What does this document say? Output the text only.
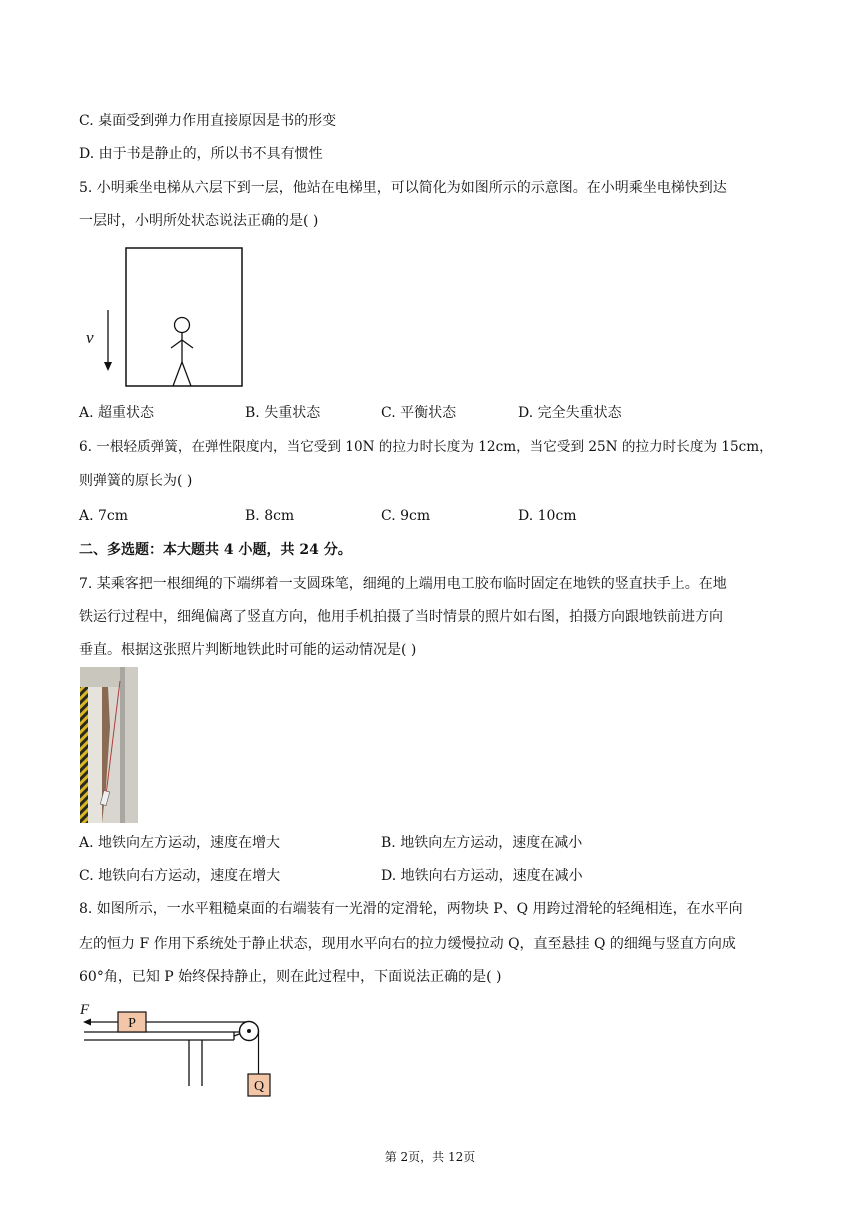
C. 桌面受到弹力作用直接原因是书的形变
D. 由于书是静止的，所以书不具有惯性
5. 小明乘坐电梯从六层下到一层，他站在电梯里，可以简化为如图所示的示意图。在小明乘坐电梯快到达
一层时，小明所处状态说法正确的是( )
v
A. 超重状态	B. 失重状态	C. 平衡状态	D. 完全失重状态
6. 一根轻质弹簧，在弹性限度内，当它受到 10N 的拉力时长度为 12cm，当它受到 25N 的拉力时长度为 15cm，
则弹簧的原长为( )
A. 7cm	B. 8cm	C. 9cm	D. 10cm
二、多选题：本大题共 4 小题，共 24 分。
7. 某乘客把一根细绳的下端绑着一支圆珠笔，细绳的上端用电工胶布临时固定在地铁的竖直扶手上。在地
铁运行过程中，细绳偏离了竖直方向，他用手机拍摄了当时情景的照片如右图，拍摄方向跟地铁前进方向
垂直。根据这张照片判断地铁此时可能的运动情况是( )
A. 地铁向左方运动，速度在增大	B. 地铁向左方运动，速度在减小
C. 地铁向右方运动，速度在增大	D. 地铁向右方运动，速度在减小
8. 如图所示，一水平粗糙桌面的右端装有一光滑的定滑轮，两物块 P、Q 用跨过滑轮的轻绳相连，在水平向
左的恒力 F 作用下系统处于静止状态，现用水平向右的拉力缓慢拉动 Q，直至悬挂 Q 的细绳与竖直方向成
60°角，已知 P 始终保持静止，则在此过程中，下面说法正确的是( )
F
P
Q
第 2页，共 12页
